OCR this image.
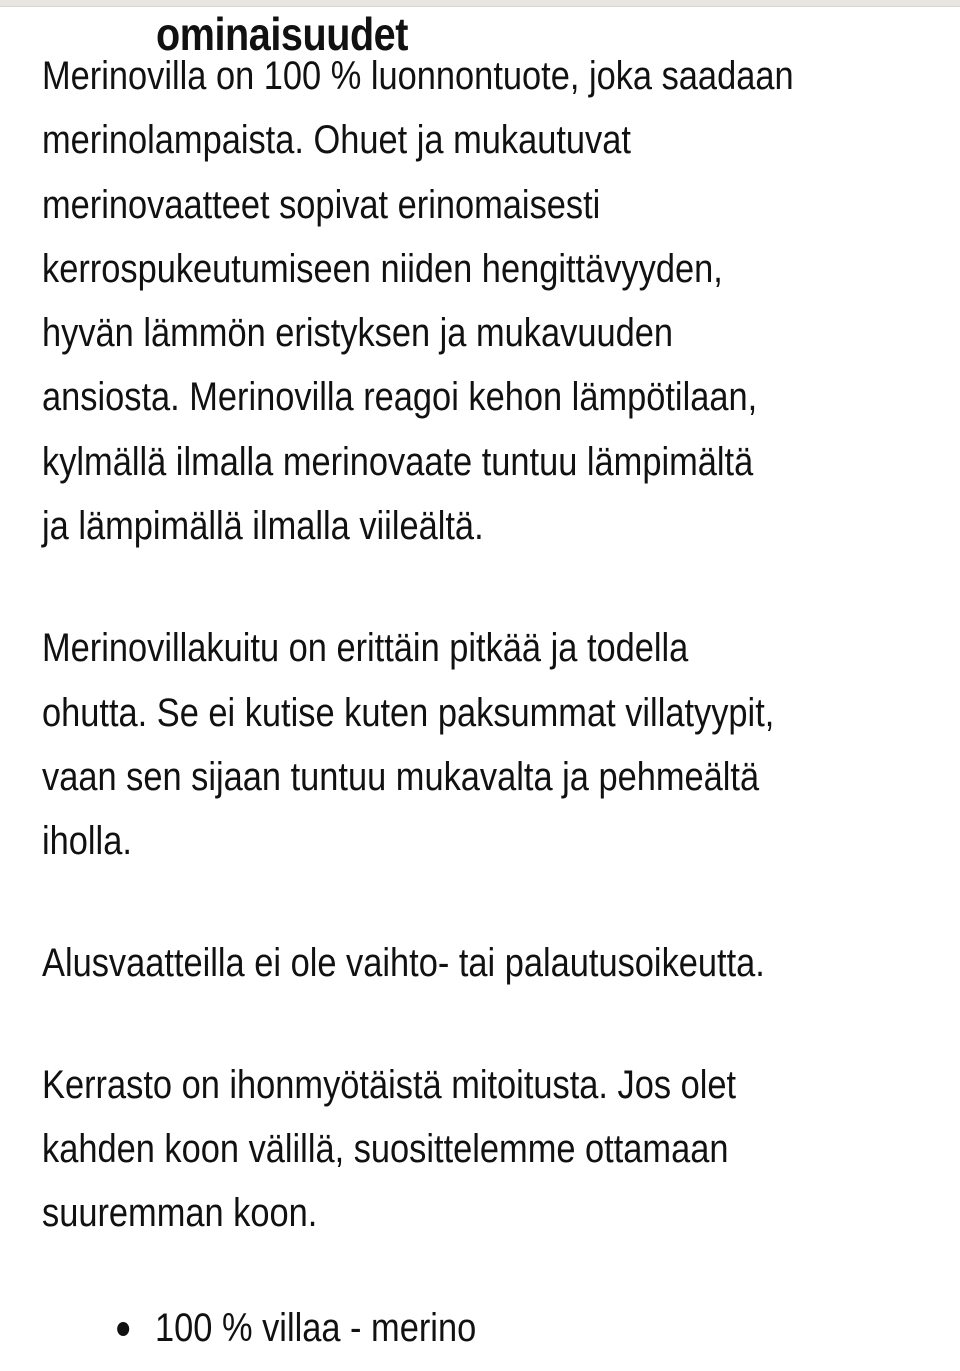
ominaisuudet

Merinovilla on 100 % luonnontuote, joka saadaan
merinolampaista. Ohuet ja mukautuvat
merinovaatteet sopivat erinomaisesti
kerrospukeutumiseen niiden hengittävyyden,
hyvän lämmön eristyksen ja mukavuuden
ansiosta. Merinovilla reagoi kehon lämpötilaan,
kylmällä ilmalla merinovaate tuntuu lämpimältä
ja lämpimällä ilmalla viileältä.

Merinovillakuitu on erittäin pitkää ja todella
ohutta. Se ei kutise kuten paksummat villatyypit,
vaan sen sijaan tuntuu mukavalta ja pehmeältä
iholla.

Alusvaatteilla ei ole vaihto- tai palautusoikeutta.

Kerrasto on ihonmyötäistä mitoitusta. Jos olet
kahden koon välillä, suosittelemme ottamaan
suuremman koon.

100 % villaa - merino
